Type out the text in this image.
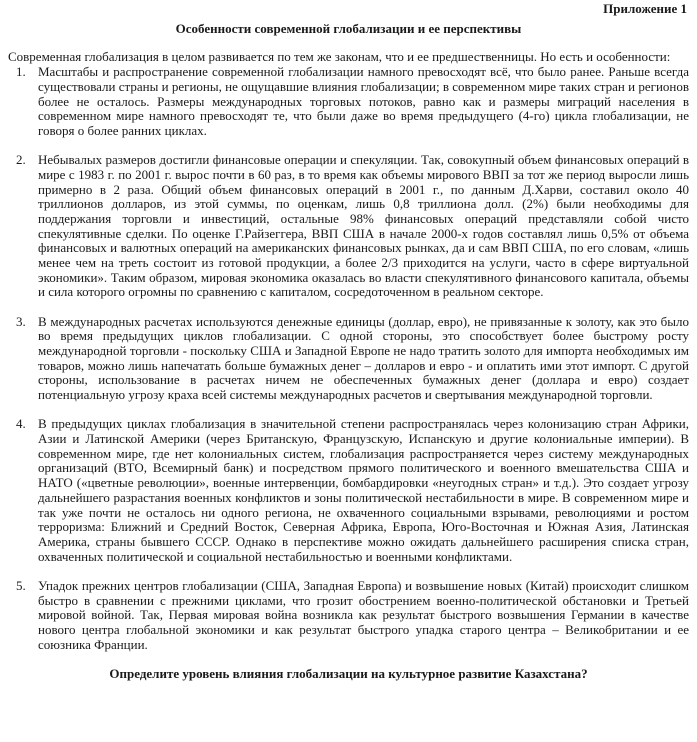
Приложение 1
Особенности современной глобализации и ее перспективы
Современная глобализация в целом развивается по тем же законам, что и ее предшественницы. Но есть и особенности:
1. Масштабы и распространение современной глобализации намного превосходят всё, что было ранее. Раньше всегда существовали страны и регионы, не ощущавшие влияния глобализации; в современном мире таких стран и регионов более не осталось. Размеры международных торговых потоков, равно как и размеры миграций населения в современном мире намного превосходят те, что были даже во время предыдущего (4-го) цикла глобализации, не говоря о более ранних циклах.
2. Небывалых размеров достигли финансовые операции и спекуляции. Так, совокупный объем финансовых операций в мире с 1983 г. по 2001 г. вырос почти в 60 раз, в то время как объемы мирового ВВП за тот же период выросли лишь примерно в 2 раза. Общий объем финансовых операций в 2001 г., по данным Д.Харви, составил около 40 триллионов долларов, из этой суммы, по оценкам, лишь 0,8 триллиона долл. (2%) были необходимы для поддержания торговли и инвестиций, остальные 98% финансовых операций представляли собой чисто спекулятивные сделки. По оценке Г.Райзеггера, ВВП США в начале 2000-х годов составлял лишь 0,5% от объема финансовых и валютных операций на американских финансовых рынках, да и сам ВВП США, по его словам, «лишь менее чем на треть состоит из готовой продукции, а более 2/3 приходится на услуги, часто в сфере виртуальной экономики». Таким образом, мировая экономика оказалась во власти спекулятивного финансового капитала, объемы и сила которого огромны по сравнению с капиталом, сосредоточенном в реальном секторе.
3. В международных расчетах используются денежные единицы (доллар, евро), не привязанные к золоту, как это было во время предыдущих циклов глобализации. С одной стороны, это способствует более быстрому росту международной торговли - поскольку США и Западной Европе не надо тратить золото для импорта необходимых им товаров, можно лишь напечатать больше бумажных денег – долларов и евро - и оплатить ими этот импорт. С другой стороны, использование в расчетах ничем не обеспеченных бумажных денег (доллара и евро) создает потенциальную угрозу краха всей системы международных расчетов и свертывания международной торговли.
4. В предыдущих циклах глобализация в значительной степени распространялась через колонизацию стран Африки, Азии и Латинской Америки (через Британскую, Французскую, Испанскую и другие колониальные империи). В современном мире, где нет колониальных систем, глобализация распространяется через систему международных организаций (ВТО, Всемирный банк) и посредством прямого политического и военного вмешательства США и НАТО («цветные революции», военные интервенции, бомбардировки «неугодных стран» и т.д.). Это создает угрозу дальнейшего разрастания военных конфликтов и зоны политической нестабильности в мире. В современном мире и так уже почти не осталось ни одного региона, не охваченного социальными взрывами, революциями и ростом терроризма: Ближний и Средний Восток, Северная Африка, Европа, Юго-Восточная и Южная Азия, Латинская Америка, страны бывшего СССР. Однако в перспективе можно ожидать дальнейшего расширения списка стран, охваченных политической и социальной нестабильностью и военными конфликтами.
5. Упадок прежних центров глобализации (США, Западная Европа) и возвышение новых (Китай) происходит слишком быстро в сравнении с прежними циклами, что грозит обострением военно-политической обстановки и Третьей мировой войной. Так, Первая мировая война возникла как результат быстрого возвышения Германии в качестве нового центра глобальной экономики и как результат быстрого упадка старого центра – Великобритании и ее союзника Франции.
Определите уровень влияния глобализации на культурное развитие Казахстана?
